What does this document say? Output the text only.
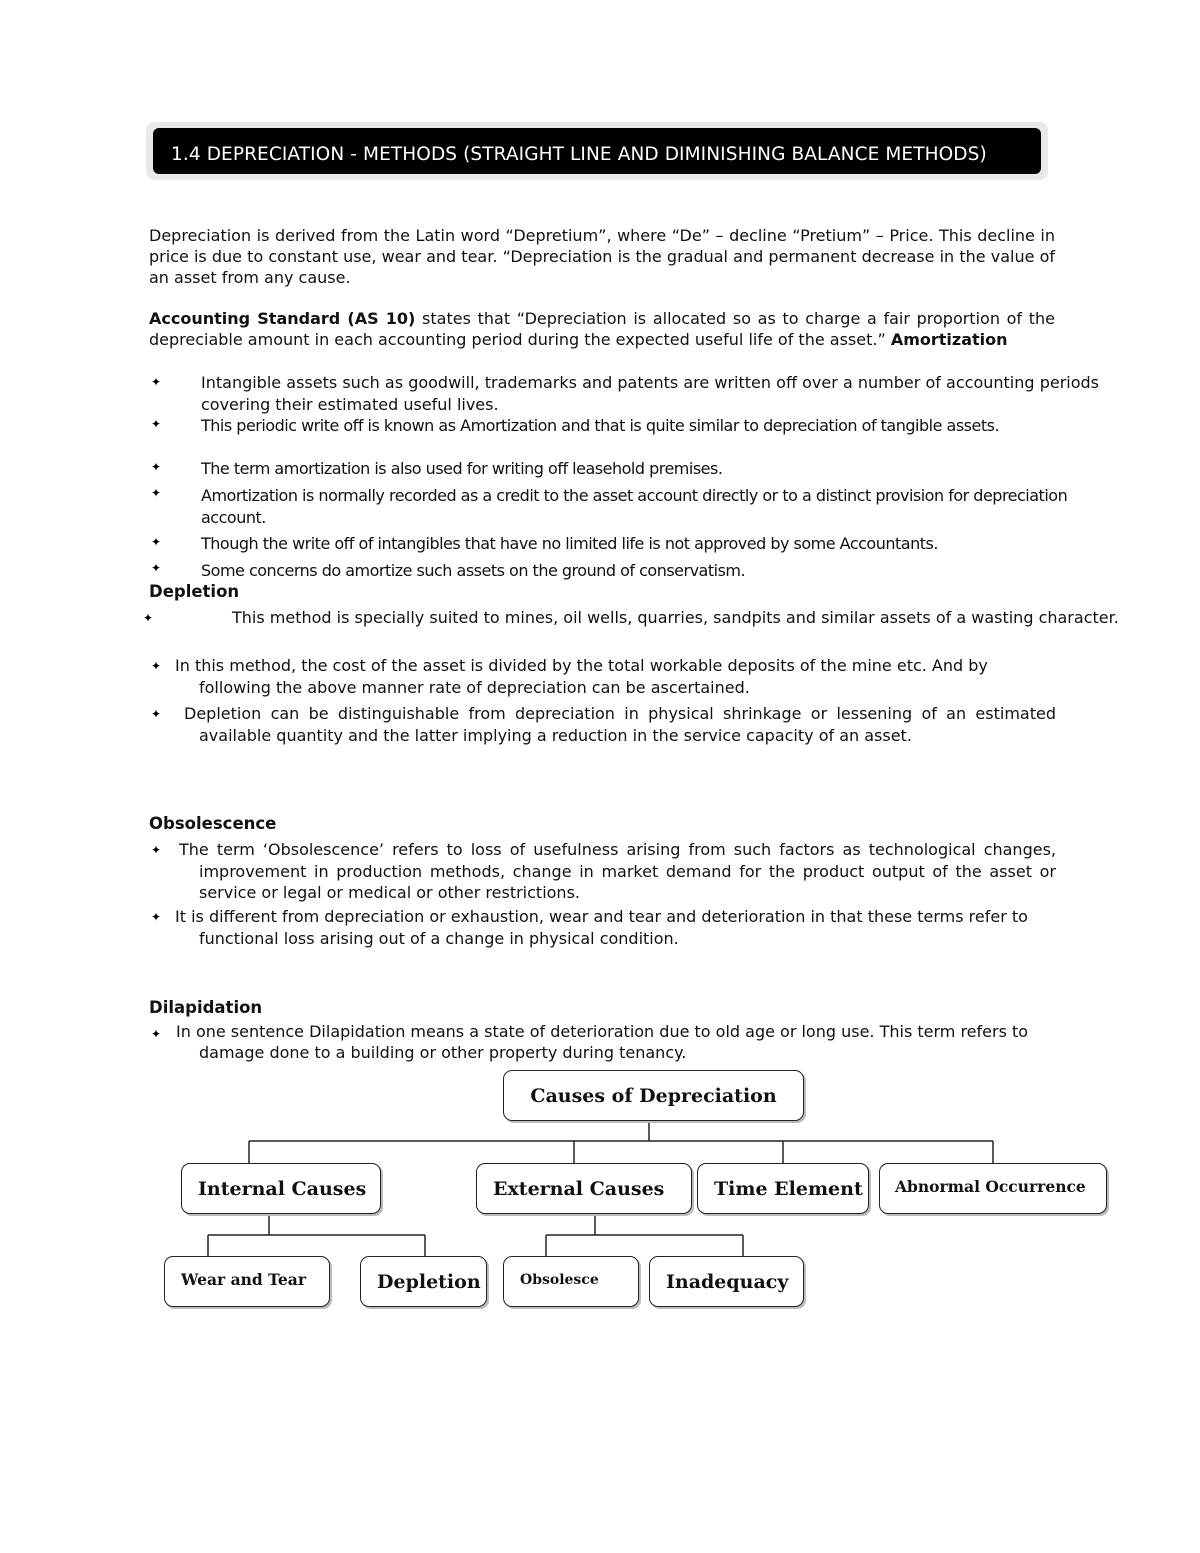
1.4 DEPRECIATION - METHODS (STRAIGHT LINE AND DIMINISHING BALANCE METHODS)
Depreciation is derived from the Latin word “Depretium”, where “De” – decline “Pretium” – Price. This decline in price is due to constant use, wear and tear. “Depreciation is the gradual and permanent decrease in the value of an asset from any cause.
Accounting Standard (AS 10) states that “Depreciation is allocated so as to charge a fair proportion of the depreciable amount in each accounting period during the expected useful life of the asset.” Amortization
✦ Intangible assets such as goodwill, trademarks and patents are written off over a number of accounting periods covering their estimated useful lives.
✦ This periodic write off is known as Amortization and that is quite similar to depreciation of tangible assets.
✦ The term amortization is also used for writing off leasehold premises.
✦ Amortization is normally recorded as a credit to the asset account directly or to a distinct provision for depreciation account.
✦ Though the write off of intangibles that have no limited life is not approved by some Accountants.
✦ Some concerns do amortize such assets on the ground of conservatism.
Depletion
✦	This method is specially suited to mines, oil wells, quarries, sandpits and similar assets of a wasting character.
✦ In this method, the cost of the asset is divided by the total workable deposits of the mine etc. And by following the above manner rate of depreciation can be ascertained.
✦ Depletion can be distinguishable from depreciation in physical shrinkage or lessening of an estimated available quantity and the latter implying a reduction in the service capacity of an asset.
Obsolescence
✦ The term ‘Obsolescence’ refers to loss of usefulness arising from such factors as technological changes, improvement in production methods, change in market demand for the product output of the asset or service or legal or medical or other restrictions.
✦ It is different from depreciation or exhaustion, wear and tear and deterioration in that these terms refer to functional loss arising out of a change in physical condition.
Dilapidation
✦ In one sentence Dilapidation means a state of deterioration due to old age or long use. This term refers to damage done to a building or other property during tenancy.
Causes of Depreciation
Internal Causes	External Causes	Time Element Abnormal Occurrence
Wear and Tear	Depletion	Obsolesce	Inadequacy
